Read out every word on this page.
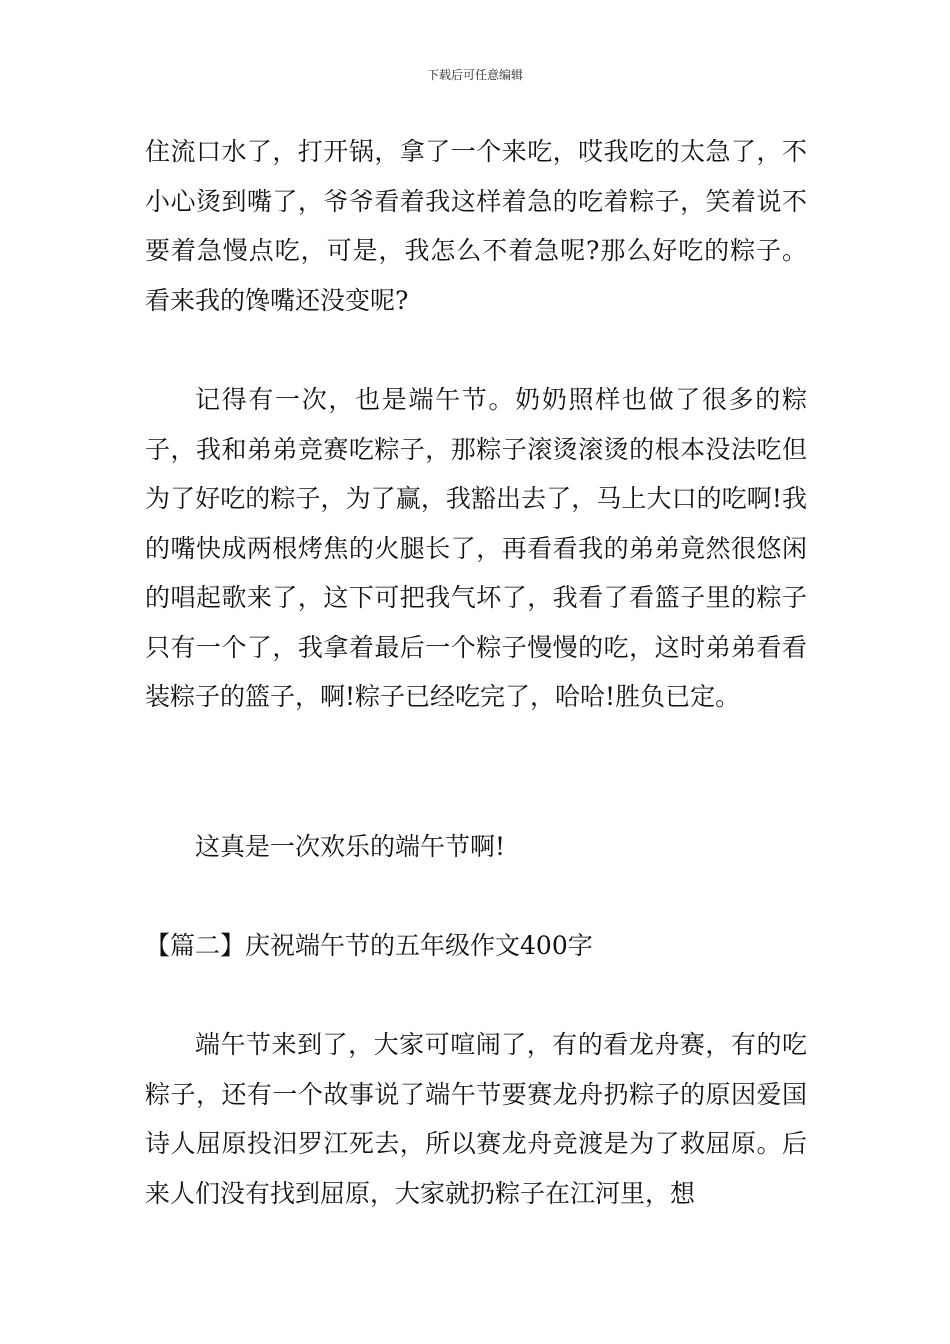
下载后可任意编辑

住流口水了，打开锅，拿了一个来吃，哎我吃的太急了，不小心烫到嘴了，爷爷看着我这样着急的吃着粽子，笑着说不要着急慢点吃，可是，我怎么不着急呢?那么好吃的粽子。看来我的馋嘴还没变呢?

记得有一次，也是端午节。奶奶照样也做了很多的粽子，我和弟弟竞赛吃粽子，那粽子滚烫滚烫的根本没法吃但为了好吃的粽子，为了赢，我豁出去了，马上大口的吃啊!我的嘴快成两根烤焦的火腿长了，再看看我的弟弟竟然很悠闲的唱起歌来了，这下可把我气坏了，我看了看篮子里的粽子只有一个了，我拿着最后一个粽子慢慢的吃，这时弟弟看看装粽子的篮子，啊!粽子已经吃完了，哈哈!胜负已定。

这真是一次欢乐的端午节啊!

【篇二】庆祝端午节的五年级作文400字

端午节来到了，大家可喧闹了，有的看龙舟赛，有的吃粽子，还有一个故事说了端午节要赛龙舟扔粽子的原因爱国诗人屈原投汨罗江死去，所以赛龙舟竞渡是为了救屈原。后来人们没有找到屈原，大家就扔粽子在江河里，想
